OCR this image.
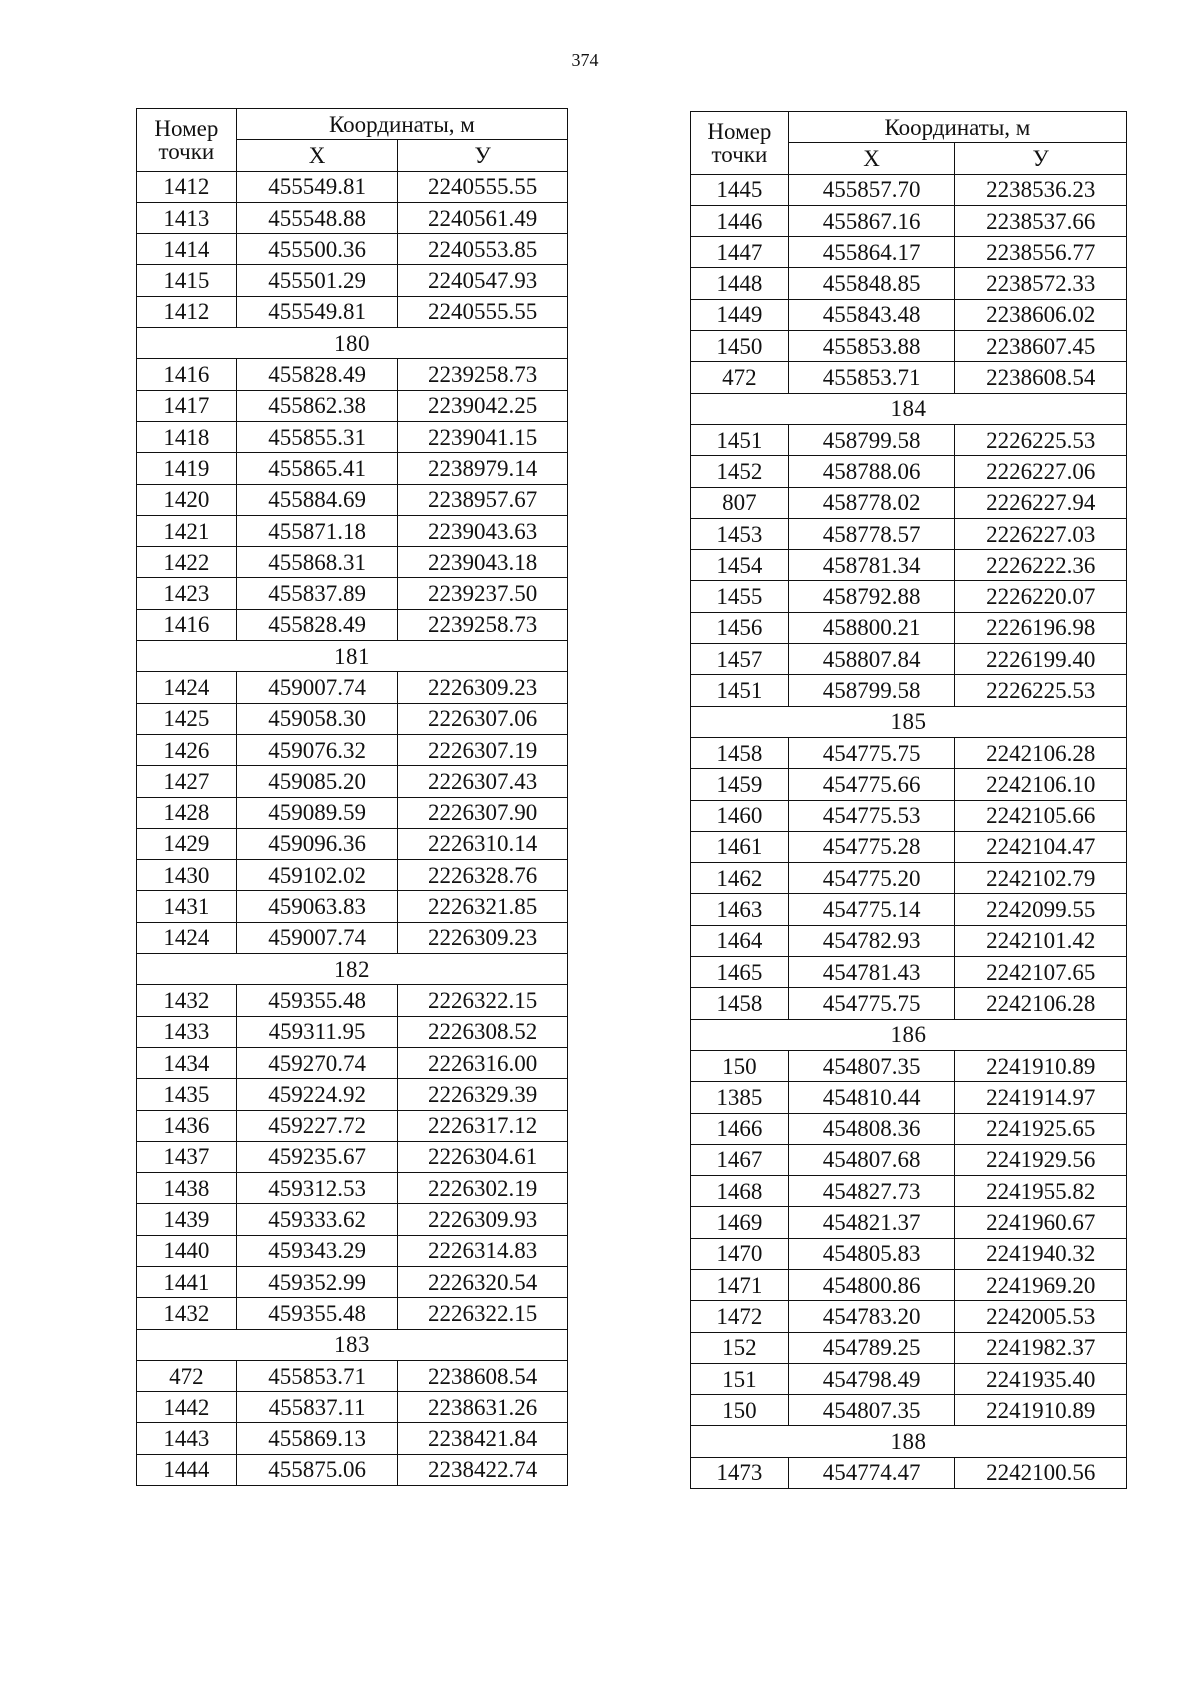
374
Номер
точки	Координаты, м	
	Х	У
1412	455549.81	2240555.55
1413	455548.88	2240561.49
1414	455500.36	2240553.85
1415	455501.29	2240547.93
1412	455549.81	2240555.55
180		
1416	455828.49	2239258.73
1417	455862.38	2239042.25
1418	455855.31	2239041.15
1419	455865.41	2238979.14
1420	455884.69	2238957.67
1421	455871.18	2239043.63
1422	455868.31	2239043.18
1423	455837.89	2239237.50
1416	455828.49	2239258.73
181		
1424	459007.74	2226309.23
1425	459058.30	2226307.06
1426	459076.32	2226307.19
1427	459085.20	2226307.43
1428	459089.59	2226307.90
1429	459096.36	2226310.14
1430	459102.02	2226328.76
1431	459063.83	2226321.85
1424	459007.74	2226309.23
182		
1432	459355.48	2226322.15
1433	459311.95	2226308.52
1434	459270.74	2226316.00
1435	459224.92	2226329.39
1436	459227.72	2226317.12
1437	459235.67	2226304.61
1438	459312.53	2226302.19
1439	459333.62	2226309.93
1440	459343.29	2226314.83
1441	459352.99	2226320.54
1432	459355.48	2226322.15
183		
472	455853.71	2238608.54
1442	455837.11	2238631.26
1443	455869.13	2238421.84
1444	455875.06	2238422.74
Номер
точки	Координаты, м	
	Х	У
1445	455857.70	2238536.23
1446	455867.16	2238537.66
1447	455864.17	2238556.77
1448	455848.85	2238572.33
1449	455843.48	2238606.02
1450	455853.88	2238607.45
472	455853.71	2238608.54
184		
1451	458799.58	2226225.53
1452	458788.06	2226227.06
807	458778.02	2226227.94
1453	458778.57	2226227.03
1454	458781.34	2226222.36
1455	458792.88	2226220.07
1456	458800.21	2226196.98
1457	458807.84	2226199.40
1451	458799.58	2226225.53
185		
1458	454775.75	2242106.28
1459	454775.66	2242106.10
1460	454775.53	2242105.66
1461	454775.28	2242104.47
1462	454775.20	2242102.79
1463	454775.14	2242099.55
1464	454782.93	2242101.42
1465	454781.43	2242107.65
1458	454775.75	2242106.28
186		
150	454807.35	2241910.89
1385	454810.44	2241914.97
1466	454808.36	2241925.65
1467	454807.68	2241929.56
1468	454827.73	2241955.82
1469	454821.37	2241960.67
1470	454805.83	2241940.32
1471	454800.86	2241969.20
1472	454783.20	2242005.53
152	454789.25	2241982.37
151	454798.49	2241935.40
150	454807.35	2241910.89
188		
1473	454774.47	2242100.56
